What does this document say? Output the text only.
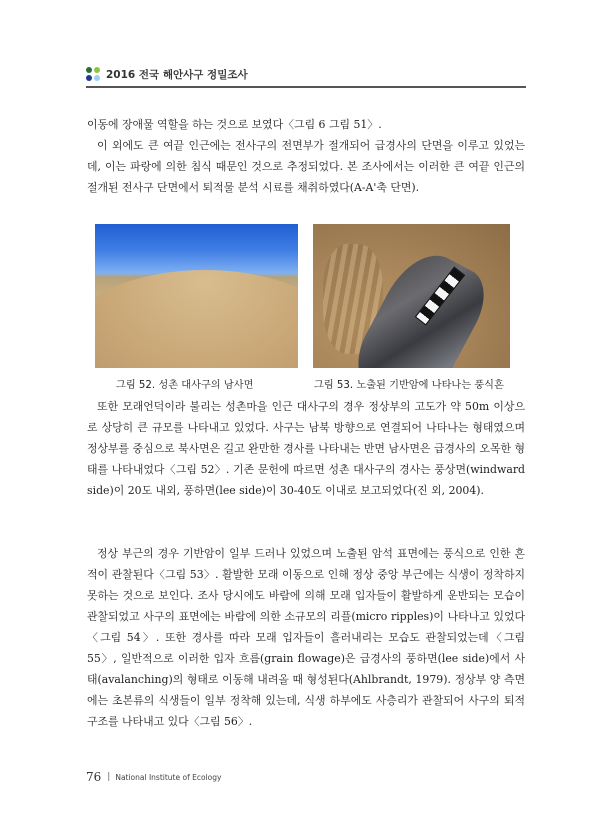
2016 전국 해안사구 정밀조사

이동에 장애물 역할을 하는 것으로 보였다〈그림 6 그림 51〉.

이 외에도 큰 여끝 인근에는 전사구의 전면부가 절개되어 급경사의 단면을 이루고 있었는데, 이는 파랑에 의한 침식 때문인 것으로 추정되었다. 본 조사에서는 이러한 큰 여끝 인근의 절개된 전사구 단면에서 퇴적물 분석 시료를 채취하였다(A-A'축 단면).

그림 52. 성촌 대사구의 남사면	그림 53. 노출된 기반암에 나타나는 풍식흔

또한 모래언덕이라 불리는 성촌마을 인근 대사구의 경우 정상부의 고도가 약 50m 이상으로 상당히 큰 규모를 나타내고 있었다. 사구는 남북 방향으로 연결되어 나타나는 형태였으며 정상부를 중심으로 북사면은 길고 완만한 경사를 나타내는 반면 남사면은 급경사의 오목한 형태를 나타내었다〈그림 52〉. 기존 문헌에 따르면 성촌 대사구의 경사는 풍상면(windward side)이 20도 내외, 풍하면(lee side)이 30-40도 이내로 보고되었다(진 외, 2004).

정상 부근의 경우 기반암이 일부 드러나 있었으며 노출된 암석 표면에는 풍식으로 인한 흔적이 관찰된다〈그림 53〉. 활발한 모래 이동으로 인해 정상 중앙 부근에는 식생이 정착하지 못하는 것으로 보인다. 조사 당시에도 바람에 의해 모래 입자들이 활발하게 운반되는 모습이 관찰되었고 사구의 표면에는 바람에 의한 소규모의 리플(micro ripples)이 나타나고 있었다〈그림 54〉. 또한 경사를 따라 모래 입자들이 흘러내리는 모습도 관찰되었는데〈그림 55〉, 일반적으로 이러한 입자 흐름(grain flowage)은 급경사의 풍하면(lee side)에서 사태(avalanching)의 형태로 이동해 내려올 때 형성된다(Ahlbrandt, 1979). 정상부 양 측면에는 초본류의 식생들이 일부 정착해 있는데, 식생 하부에도 사층리가 관찰되어 사구의 퇴적구조를 나타내고 있다〈그림 56〉.

76 | National Institute of Ecology
